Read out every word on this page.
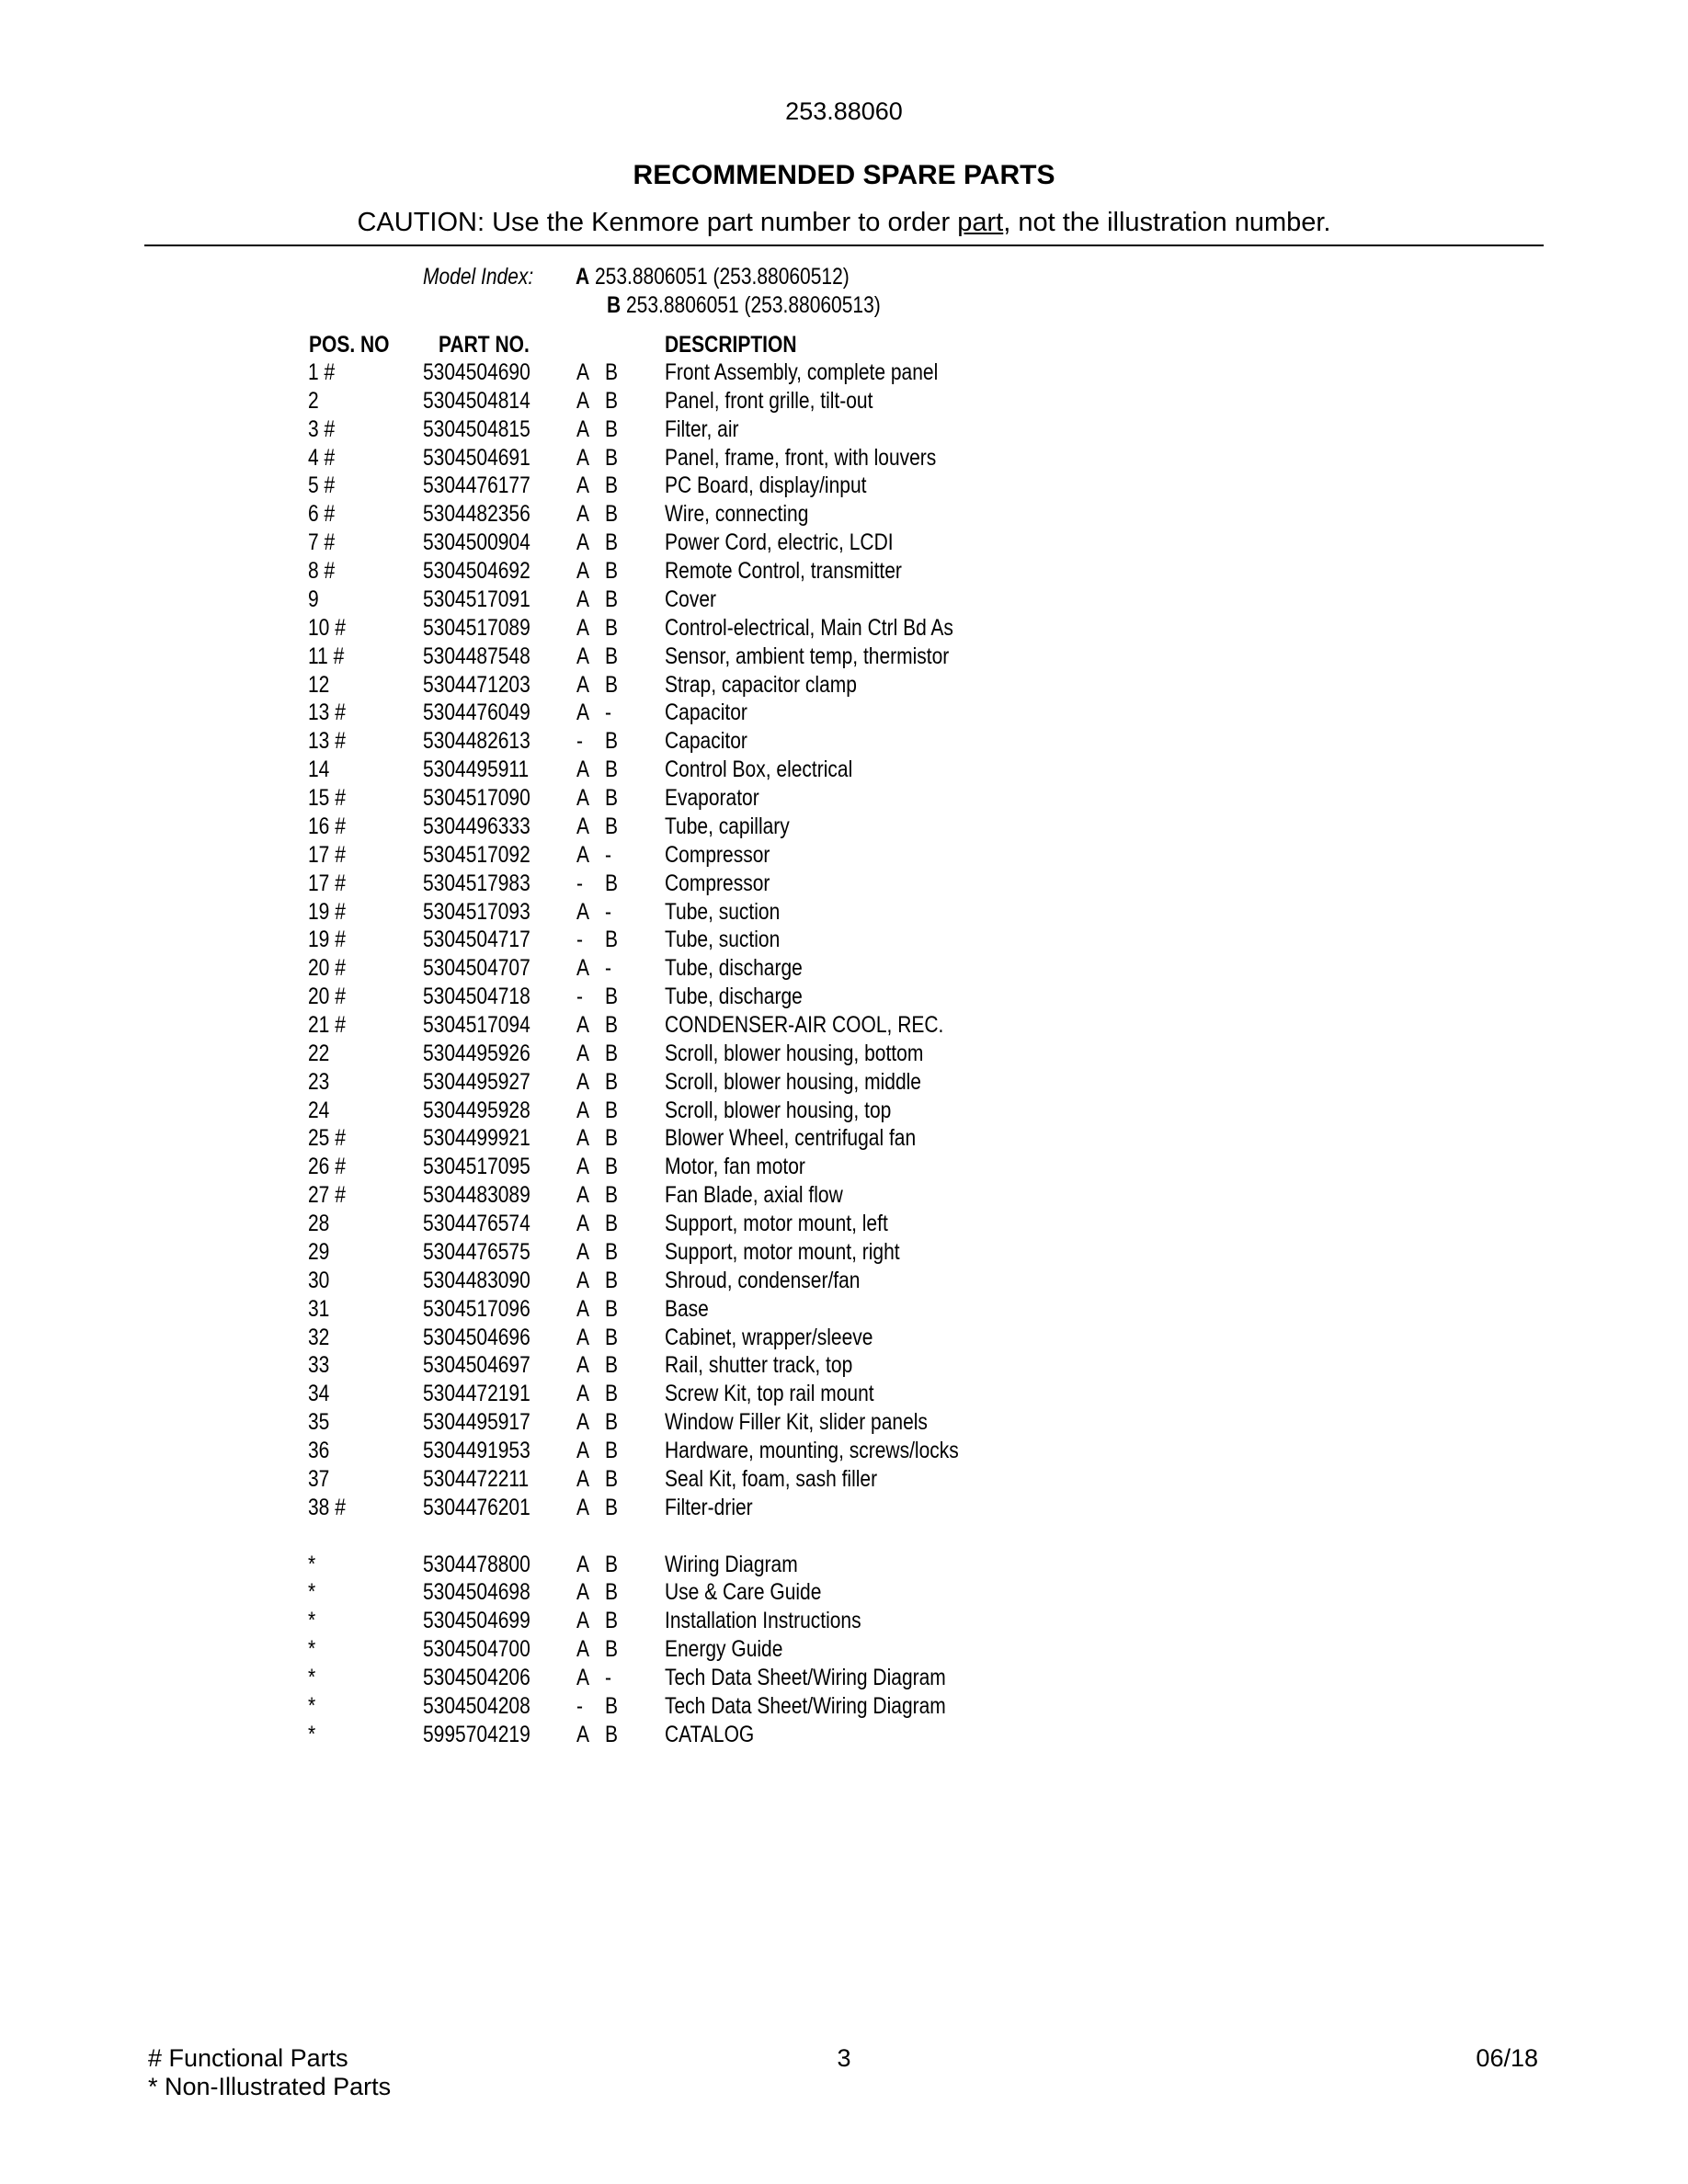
253.88060
RECOMMENDED SPARE PARTS
CAUTION: Use the Kenmore part number to order part, not the illustration number.
Model Index: A 253.8806051 (253.88060512)
B 253.8806051 (253.88060513)
POS. NO PART NO.	DESCRIPTION
1 #	5304504690 A B Front Assembly, complete panel
2	5304504814 A B Panel, front grille, tilt-out
3 #	5304504815 A B Filter, air
4 #	5304504691 A B Panel, frame, front, with louvers
5 #	5304476177 A B PC Board, display/input
6 #	5304482356 A B Wire, connecting
7 #	5304500904 A B Power Cord, electric, LCDI
8 #	5304504692 A B Remote Control, transmitter
9	5304517091 A B Cover
10 #	5304517089 A B Control-electrical, Main Ctrl Bd As
11 #	5304487548 A B Sensor, ambient temp, thermistor
12	5304471203 A B Strap, capacitor clamp
13 #	5304476049 A - Capacitor
13 #	5304482613 - B Capacitor
14	5304495911 A B Control Box, electrical
15 #	5304517090 A B Evaporator
16 #	5304496333 A B Tube, capillary
17 #	5304517092 A - Compressor
17 #	5304517983 - B Compressor
19 #	5304517093 A - Tube, suction
19 #	5304504717 - B Tube, suction
20 #	5304504707 A - Tube, discharge
20 #	5304504718 - B Tube, discharge
21 #	5304517094 A B CONDENSER-AIR COOL, REC.
22	5304495926 A B Scroll, blower housing, bottom
23	5304495927 A B Scroll, blower housing, middle
24	5304495928 A B Scroll, blower housing, top
25 #	5304499921 A B Blower Wheel, centrifugal fan
26 #	5304517095 A B Motor, fan motor
27 #	5304483089 A B Fan Blade, axial flow
28	5304476574 A B Support, motor mount, left
29	5304476575 A B Support, motor mount, right
30	5304483090 A B Shroud, condenser/fan
31	5304517096 A B Base
32	5304504696 A B Cabinet, wrapper/sleeve
33	5304504697 A B Rail, shutter track, top
34	5304472191 A B Screw Kit, top rail mount
35	5304495917 A B Window Filler Kit, slider panels
36	5304491953 A B Hardware, mounting, screws/locks
37	5304472211 A B Seal Kit, foam, sash filler
38 #	5304476201 A B Filter-drier
*	5304478800 A B Wiring Diagram
*	5304504698 A B Use & Care Guide
*	5304504699 A B Installation Instructions
*	5304504700 A B Energy Guide
*	5304504206 A - Tech Data Sheet/Wiring Diagram
*	5304504208 - B Tech Data Sheet/Wiring Diagram
*	5995704219 A B CATALOG
# Functional Parts
* Non-Illustrated Parts
3	06/18
